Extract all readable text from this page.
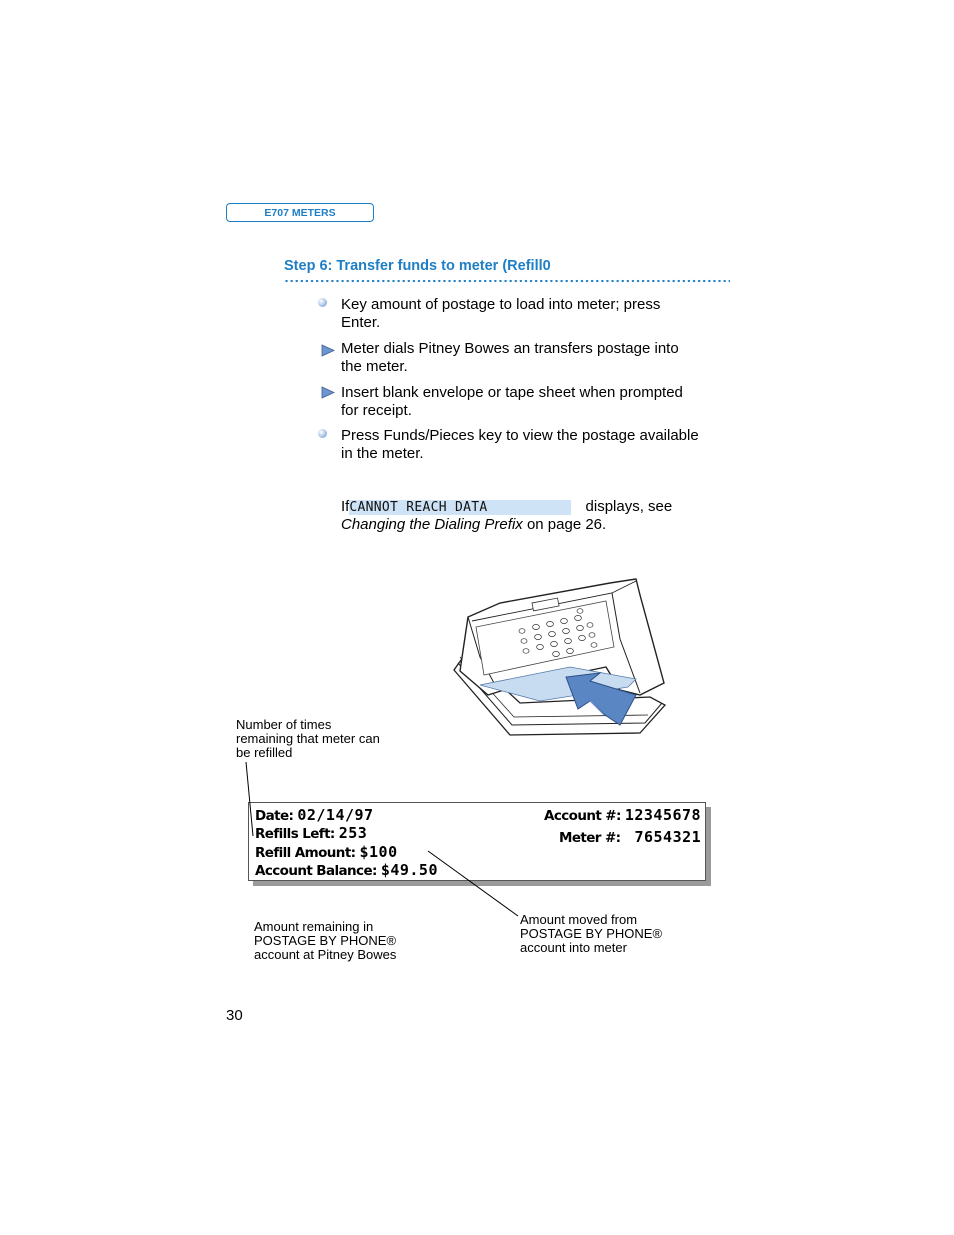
E707 METERS
Step 6: Transfer funds to meter (Refill0
Key amount of postage to load into meter; press Enter.
Meter dials Pitney Bowes an transfers postage into the meter.
Insert blank envelope or tape sheet when prompted for receipt.
Press Funds/Pieces key to view the postage available in the meter.
IfCANNOT REACH DATA	displays, see
Changing the Dialing Prefix on page 26.
Number of times remaining that meter can be refilled
Date: 02/14/97
Refills Left: 253
Refill Amount: $100
Account Balance: $49.50
Account #: 12345678
Meter #: 7654321
Amount remaining in POSTAGE BY PHONE® account at Pitney Bowes
Amount moved from POSTAGE BY PHONE® account into meter
30
